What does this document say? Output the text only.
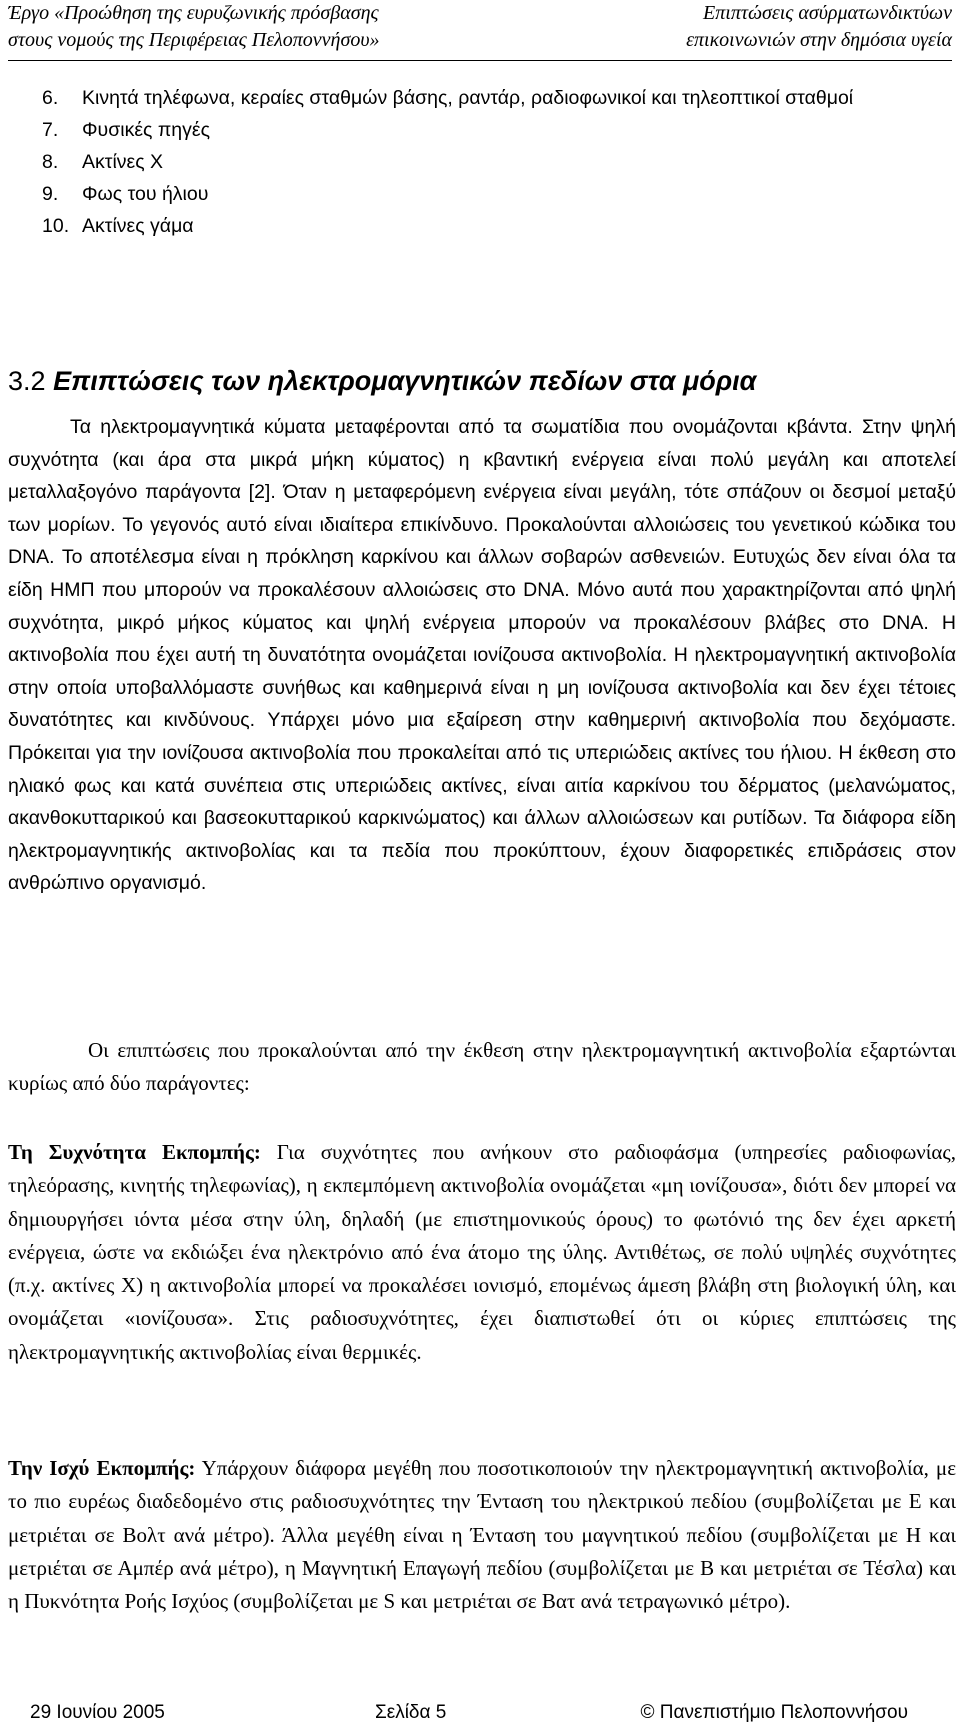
Έργο «Προώθηση της ευρυζωνικής πρόσβασης
στους νομούς της Περιφέρειας Πελοποννήσου»
Επιπτώσεις ασύρματωνδικτύων
επικοινωνιών στην δημόσια υγεία
6.	Κινητά τηλέφωνα, κεραίες σταθμών βάσης, ραντάρ, ραδιοφωνικοί και τηλεοπτικοί σταθμοί
7.	Φυσικές πηγές
8.	Ακτίνες Χ
9.	Φως του ήλιου
10. Ακτίνες γάμα
3.2 Επιπτώσεις των ηλεκτρομαγνητικών πεδίων στα μόρια

Τα ηλεκτρομαγνητικά κύματα μεταφέρονται από τα σωματίδια που ονομάζονται κβάντα. Στην ψηλή συχνότητα (και άρα στα μικρά μήκη κύματος) η κβαντική ενέργεια είναι πολύ μεγάλη και αποτελεί μεταλλαξογόνο παράγοντα [2]. Όταν η μεταφερόμενη ενέργεια είναι μεγάλη, τότε σπάζουν οι δεσμοί μεταξύ των μορίων. Το γεγονός αυτό είναι ιδιαίτερα επικίνδυνο. Προκαλούνται αλλοιώσεις του γενετικού κώδικα του DNA. Το αποτέλεσμα είναι η πρόκληση καρκίνου και άλλων σοβαρών ασθενειών. Ευτυχώς δεν είναι όλα τα είδη ΗΜΠ που μπορούν να προκαλέσουν αλλοιώσεις στο DNA. Μόνο αυτά που χαρακτηρίζονται από ψηλή συχνότητα, μικρό μήκος κύματος και ψηλή ενέργεια μπορούν να προκαλέσουν βλάβες στο DNA. Η ακτινοβολία που έχει αυτή τη δυνατότητα ονομάζεται ιονίζουσα ακτινοβολία. Η ηλεκτρομαγνητική ακτινοβολία στην οποία υποβαλλόμαστε συνήθως και καθημερινά είναι η μη ιονίζουσα ακτινοβολία και δεν έχει τέτοιες δυνατότητες και κινδύνους. Υπάρχει μόνο μια εξαίρεση στην καθημερινή ακτινοβολία που δεχόμαστε. Πρόκειται για την ιονίζουσα ακτινοβολία που προκαλείται από τις υπεριώδεις ακτίνες του ήλιου. Η έκθεση στο ηλιακό φως και κατά συνέπεια στις υπεριώδεις ακτίνες, είναι αιτία καρκίνου του δέρματος (μελανώματος, ακανθοκυτταρικού και βασεοκυτταρικού καρκινώματος) και άλλων αλλοιώσεων και ρυτίδων. Τα διάφορα είδη ηλεκτρομαγνητικής ακτινοβολίας και τα πεδία που προκύπτουν, έχουν διαφορετικές επιδράσεις στον ανθρώπινο οργανισμό.

Οι επιπτώσεις που προκαλούνται από την έκθεση στην ηλεκτρομαγνητική ακτινοβολία εξαρτώνται κυρίως από δύο παράγοντες:

Τη Συχνότητα Εκπομπής: Για συχνότητες που ανήκουν στο ραδιοφάσμα (υπηρεσίες ραδιοφωνίας, τηλεόρασης, κινητής τηλεφωνίας), η εκπεμπόμενη ακτινοβολία ονομάζεται «μη ιονίζουσα», διότι δεν μπορεί να δημιουργήσει ιόντα μέσα στην ύλη, δηλαδή (με επιστημονικούς όρους) το φωτόνιό της δεν έχει αρκετή ενέργεια, ώστε να εκδιώξει ένα ηλεκτρόνιο από ένα άτομο της ύλης. Αντιθέτως, σε πολύ υψηλές συχνότητες (π.χ. ακτίνες Χ) η ακτινοβολία μπορεί να προκαλέσει ιονισμό, επομένως άμεση βλάβη στη βιολογική ύλη, και ονομάζεται «ιονίζουσα». Στις ραδιοσυχνότητες, έχει διαπιστωθεί ότι οι κύριες επιπτώσεις της ηλεκτρομαγνητικής ακτινοβολίας είναι θερμικές.

Την Ισχύ Εκπομπής: Υπάρχουν διάφορα μεγέθη που ποσοτικοποιούν την ηλεκτρομαγνητική ακτινοβολία, με το πιο ευρέως διαδεδομένο στις ραδιοσυχνότητες την Ένταση του ηλεκτρικού πεδίου (συμβολίζεται με Ε και μετριέται σε Βολτ ανά μέτρο). Άλλα μεγέθη είναι η Ένταση του μαγνητικού πεδίου (συμβολίζεται με Η και μετριέται σε Αμπέρ ανά μέτρο), η Μαγνητική Επαγωγή πεδίου (συμβολίζεται με Β και μετριέται σε Τέσλα) και η Πυκνότητα Ροής Ισχύος (συμβολίζεται με S και μετριέται σε Βατ ανά τετραγωνικό μέτρο).

29 Ιουνίου 2005	Σελίδα 5	© Πανεπιστήμιο Πελοποννήσου
